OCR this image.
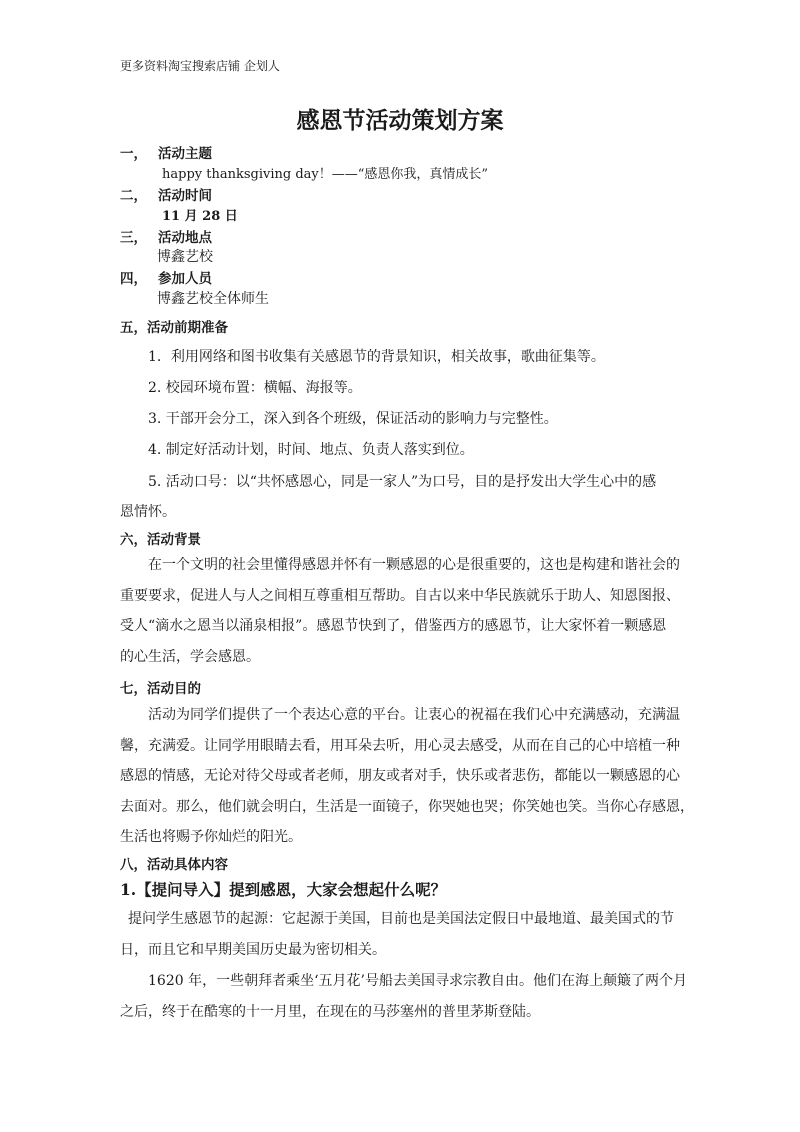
更多资料淘宝搜索店铺 企划人
感恩节活动策划方案
一， 活动主题
happy thanksgiving day！——“感恩你我，真情成长”
二， 活动时间
11 月 28 日
三， 活动地点
博鑫艺校
四， 参加人员
博鑫艺校全体师生
五，活动前期准备
1．利用网络和图书收集有关感恩节的背景知识，相关故事，歌曲征集等。
2. 校园环境布置：横幅、海报等。
3. 干部开会分工，深入到各个班级，保证活动的影响力与完整性。
4. 制定好活动计划，时间、地点、负责人落实到位。
5. 活动口号：以“共怀感恩心，同是一家人”为口号，目的是抒发出大学生心中的感
恩情怀。
六，活动背景
在一个文明的社会里懂得感恩并怀有一颗感恩的心是很重要的，这也是构建和谐社会的
重要要求，促进人与人之间相互尊重相互帮助。自古以来中华民族就乐于助人、知恩图报、
受人“滴水之恩当以涌泉相报”。感恩节快到了，借鉴西方的感恩节，让大家怀着一颗感恩
的心生活，学会感恩。
七，活动目的
活动为同学们提供了一个表达心意的平台。让衷心的祝福在我们心中充满感动，充满温
馨，充满爱。让同学用眼睛去看，用耳朵去听，用心灵去感受，从而在自己的心中培植一种
感恩的情感，无论对待父母或者老师，朋友或者对手，快乐或者悲伤，都能以一颗感恩的心
去面对。那么，他们就会明白，生活是一面镜子，你哭她也哭；你笑她也笑。当你心存感恩，
生活也将赐予你灿烂的阳光。
八，活动具体内容
1.【提问导入】提到感恩，大家会想起什么呢？
提问学生感恩节的起源：它起源于美国，目前也是美国法定假日中最地道、最美国式的节
日，而且它和早期美国历史最为密切相关。
1620 年，一些朝拜者乘坐‘五月花’号船去美国寻求宗教自由。他们在海上颠簸了两个月
之后，终于在酷寒的十一月里，在现在的马莎塞州的普里茅斯登陆。
